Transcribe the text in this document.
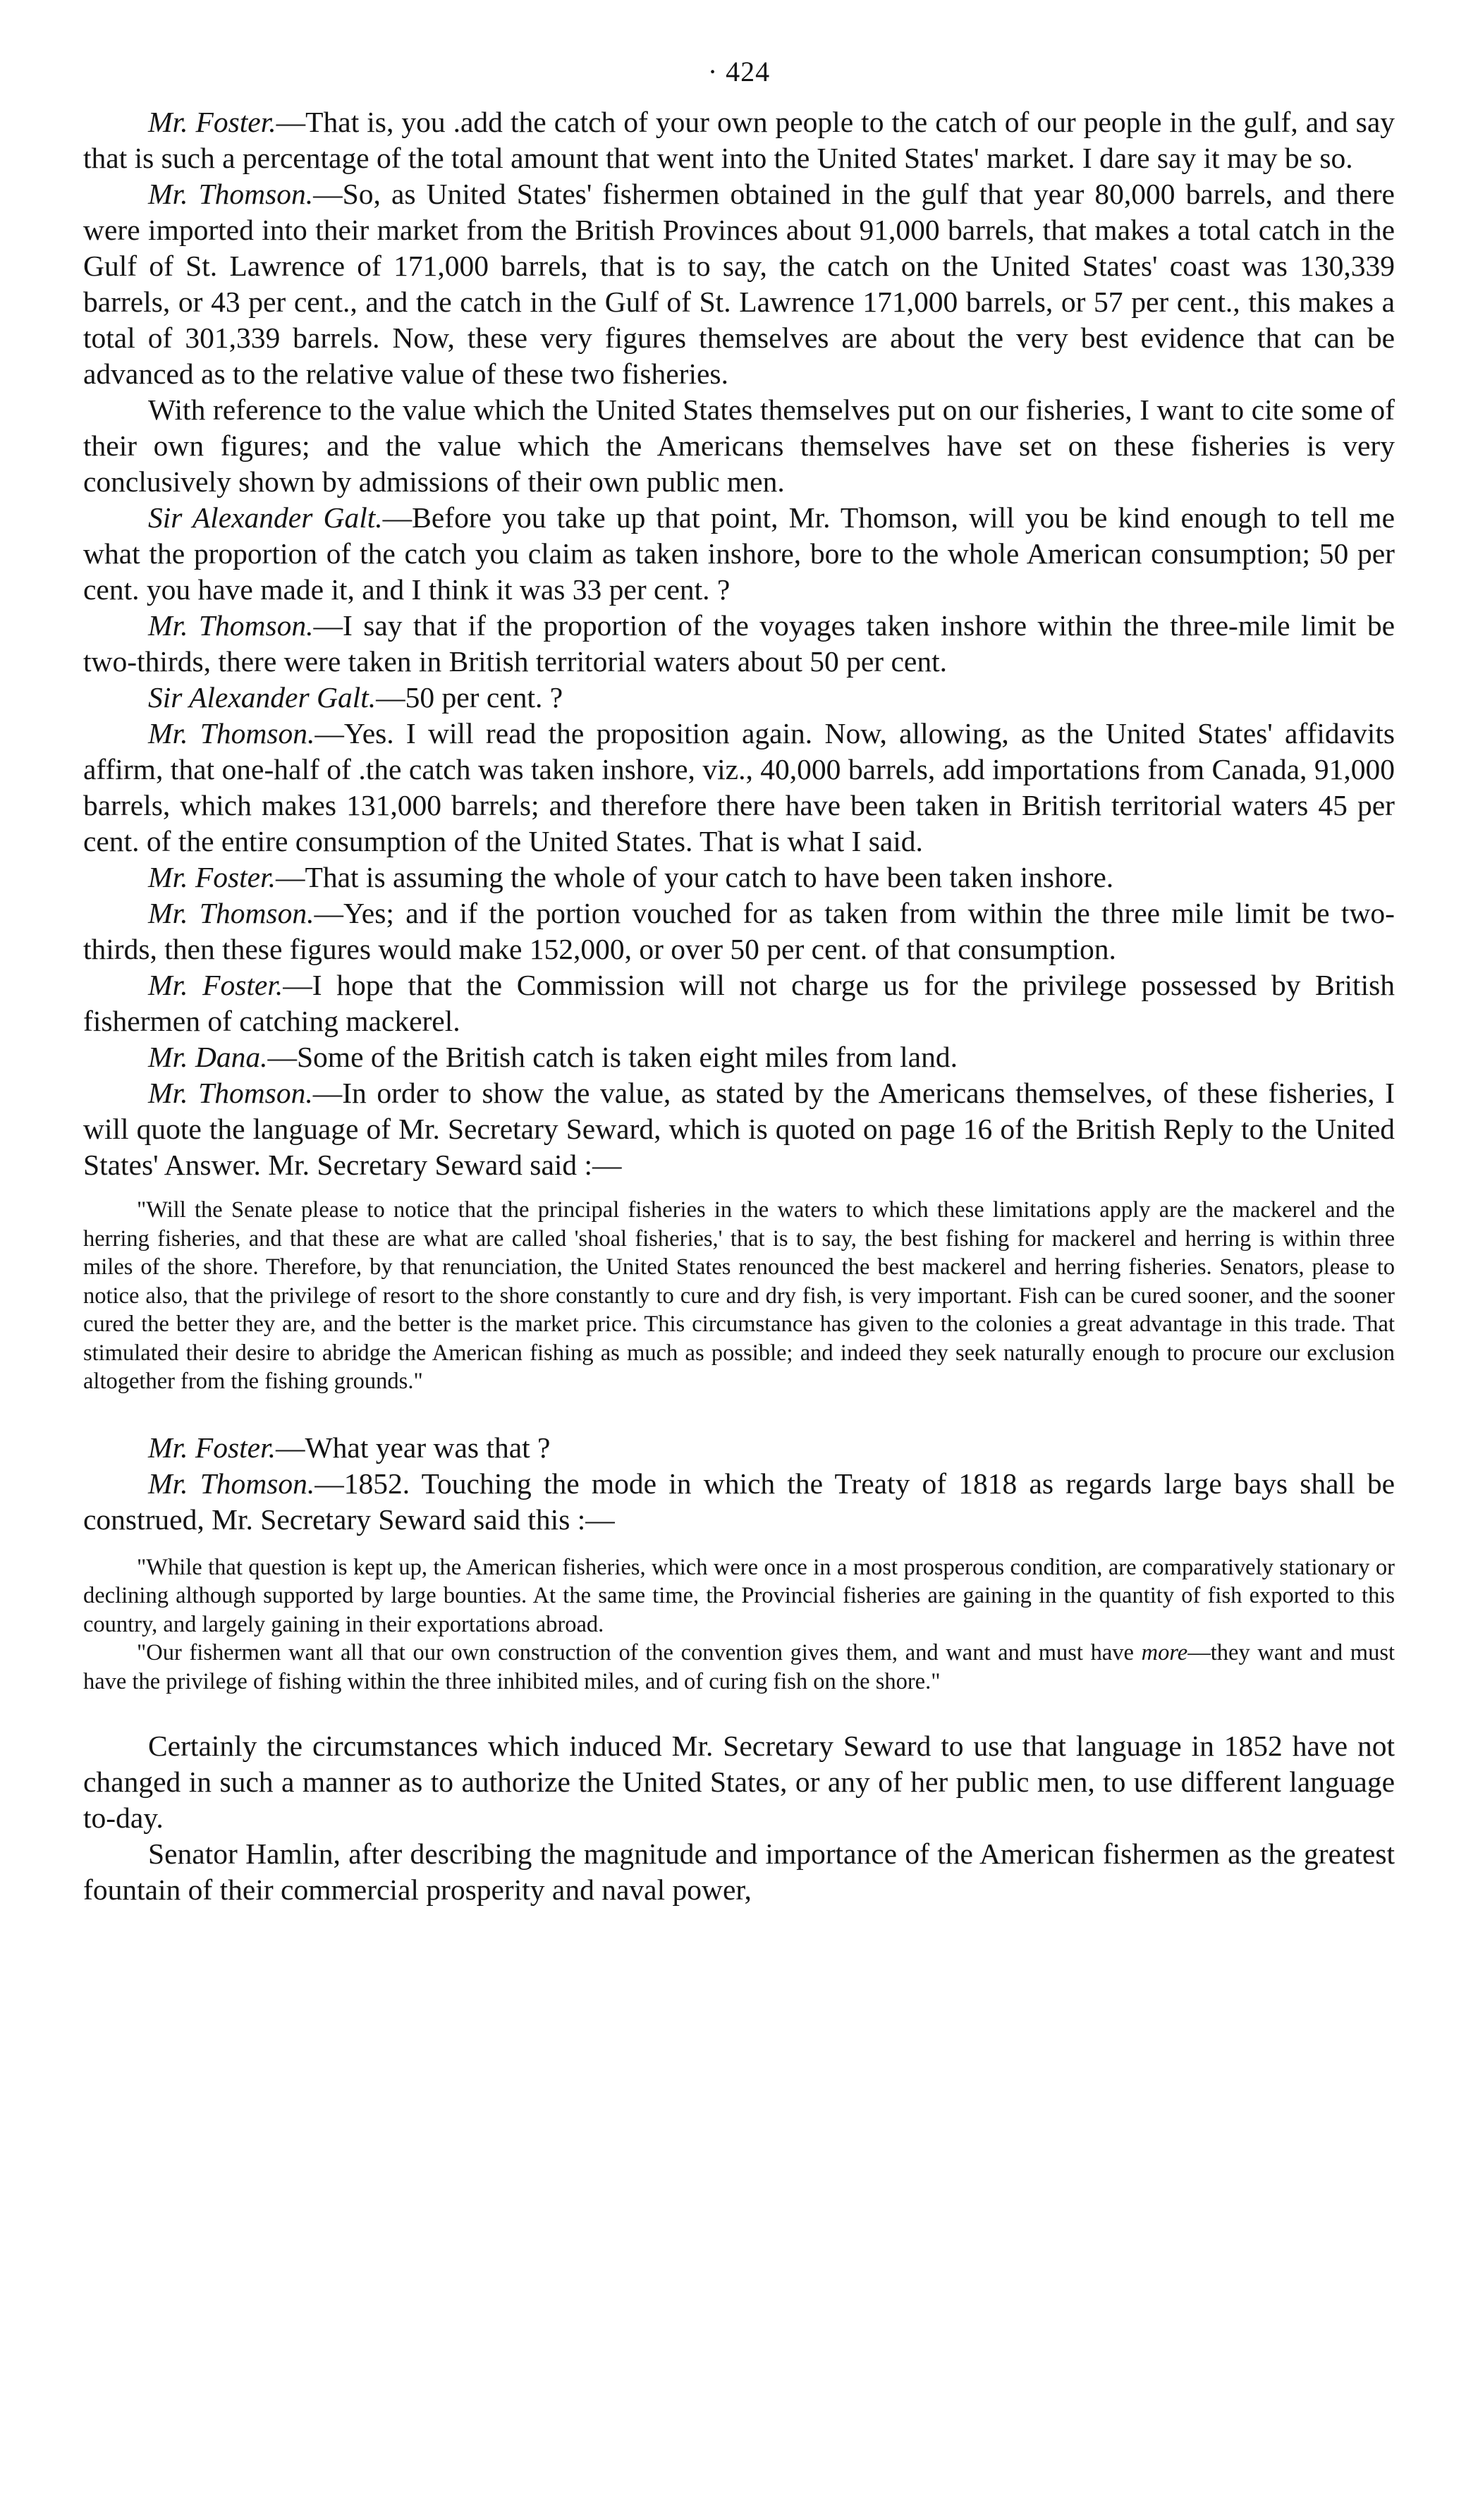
· 424

Mr. Foster.—That is, you .add the catch of your own people to the catch of our people in the gulf, and say that is such a percentage of the total amount that went into the United States' market. I dare say it may be so.

Mr. Thomson.—So, as United States' fishermen obtained in the gulf that year 80,000 barrels, and there were imported into their market from the British Provinces about 91,000 barrels, that makes a total catch in the Gulf of St. Lawrence of 171,000 barrels, that is to say, the catch on the United States' coast was 130,339 barrels, or 43 per cent., and the catch in the Gulf of St. Lawrence 171,000 barrels, or 57 per cent., this makes a total of 301,339 barrels. Now, these very figures themselves are about the very best evidence that can be advanced as to the relative value of these two fisheries.

With reference to the value which the United States themselves put on our fisheries, I want to cite some of their own figures; and the value which the Americans themselves have set on these fisheries is very conclusively shown by admissions of their own public men.

Sir Alexander Galt.—Before you take up that point, Mr. Thomson, will you be kind enough to tell me what the proportion of the catch you claim as taken inshore, bore to the whole American consumption; 50 per cent. you have made it, and I think it was 33 per cent. ?

Mr. Thomson.—I say that if the proportion of the voyages taken inshore within the three-mile limit be two-thirds, there were taken in British territorial waters about 50 per cent.

Sir Alexander Galt.—50 per cent. ?

Mr. Thomson.—Yes. I will read the proposition again. Now, allowing, as the United States' affidavits affirm, that one-half of .the catch was taken inshore, viz., 40,000 barrels, add importations from Canada, 91,000 barrels, which makes 131,000 barrels; and therefore there have been taken in British territorial waters 45 per cent. of the entire consumption of the United States. That is what I said.

Mr. Foster.—That is assuming the whole of your catch to have been taken inshore.

Mr. Thomson.—Yes; and if the portion vouched for as taken from within the three mile limit be two-thirds, then these figures would make 152,000, or over 50 per cent. of that consumption.

Mr. Foster.—I hope that the Commission will not charge us for the privilege possessed by British fishermen of catching mackerel.

Mr. Dana.—Some of the British catch is taken eight miles from land.

Mr. Thomson.—In order to show the value, as stated by the Americans themselves, of these fisheries, I will quote the language of Mr. Secretary Seward, which is quoted on page 16 of the British Reply to the United States' Answer. Mr. Secretary Seward said :—

"Will the Senate please to notice that the principal fisheries in the waters to which these limitations apply are the mackerel and the herring fisheries, and that these are what are called 'shoal fisheries,' that is to say, the best fishing for mackerel and herring is within three miles of the shore. Therefore, by that renunciation, the United States renounced the best mackerel and herring fisheries. Senators, please to notice also, that the privilege of resort to the shore constantly to cure and dry fish, is very important. Fish can be cured sooner, and the sooner cured the better they are, and the better is the market price. This circumstance has given to the colonies a great advantage in this trade. That stimulated their desire to abridge the American fishing as much as possible; and indeed they seek naturally enough to procure our exclusion altogether from the fishing grounds."

Mr. Foster.—What year was that ?

Mr. Thomson.—1852. Touching the mode in which the Treaty of 1818 as regards large bays shall be construed, Mr. Secretary Seward said this :—

"While that question is kept up, the American fisheries, which were once in a most prosperous condition, are comparatively stationary or declining although supported by large bounties. At the same time, the Provincial fisheries are gaining in the quantity of fish exported to this country, and largely gaining in their exportations abroad.

"Our fishermen want all that our own construction of the convention gives them, and want and must have more—they want and must have the privilege of fishing within the three inhibited miles, and of curing fish on the shore."

Certainly the circumstances which induced Mr. Secretary Seward to use that language in 1852 have not changed in such a manner as to authorize the United States, or any of her public men, to use different language to-day.

Senator Hamlin, after describing the magnitude and importance of the American fishermen as the greatest fountain of their commercial prosperity and naval power,
